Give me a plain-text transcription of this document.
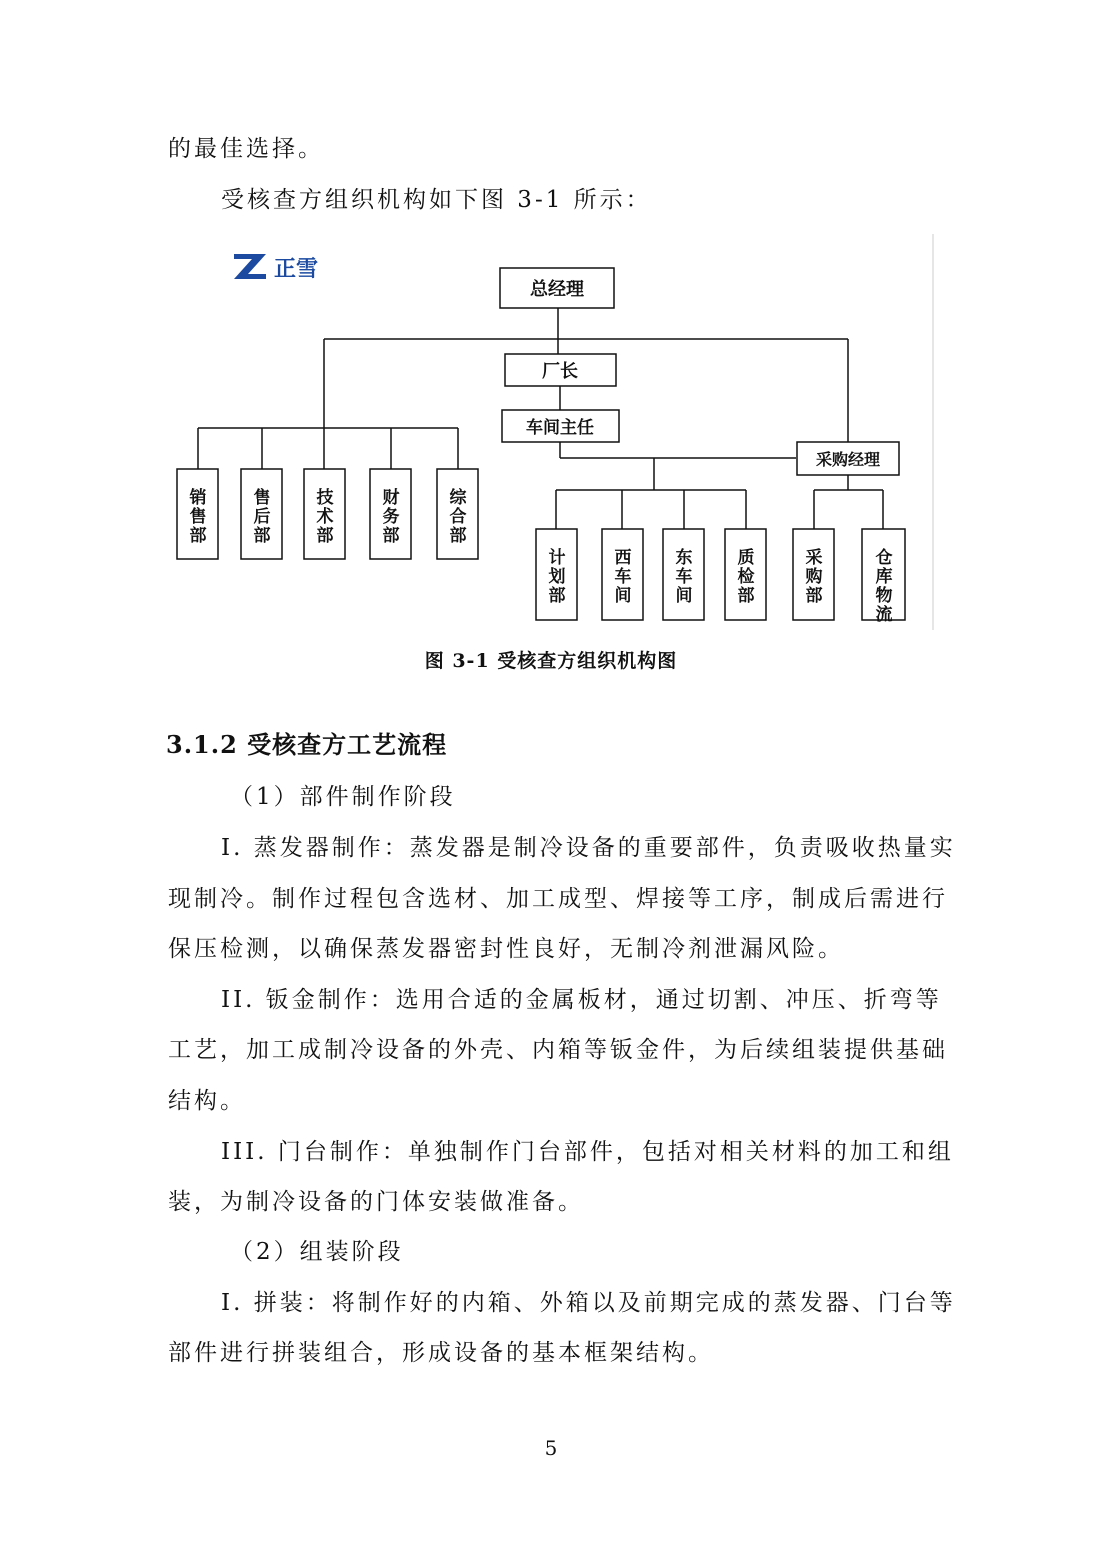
的最佳选择。
受核查方组织机构如下图 3-1 所示：
正雪
总经理
厂长
车间主任
采购经理
销售部
售后部
技术部
财务部
综合部
计划部
西车间
东车间
质检部
采购部
仓库物流
图 3-1 受核查方组织机构图
3.1.2 受核查方工艺流程
（1）部件制作阶段
I. 蒸发器制作：蒸发器是制冷设备的重要部件，负责吸收热量实
现制冷。制作过程包含选材、加工成型、焊接等工序，制成后需进行
保压检测，以确保蒸发器密封性良好，无制冷剂泄漏风险。
II. 钣金制作：选用合适的金属板材，通过切割、冲压、折弯等
工艺，加工成制冷设备的外壳、内箱等钣金件，为后续组装提供基础
结构。
III. 门台制作：单独制作门台部件，包括对相关材料的加工和组
装，为制冷设备的门体安装做准备。
（2）组装阶段
I. 拼装：将制作好的内箱、外箱以及前期完成的蒸发器、门台等
部件进行拼装组合，形成设备的基本框架结构。
5
